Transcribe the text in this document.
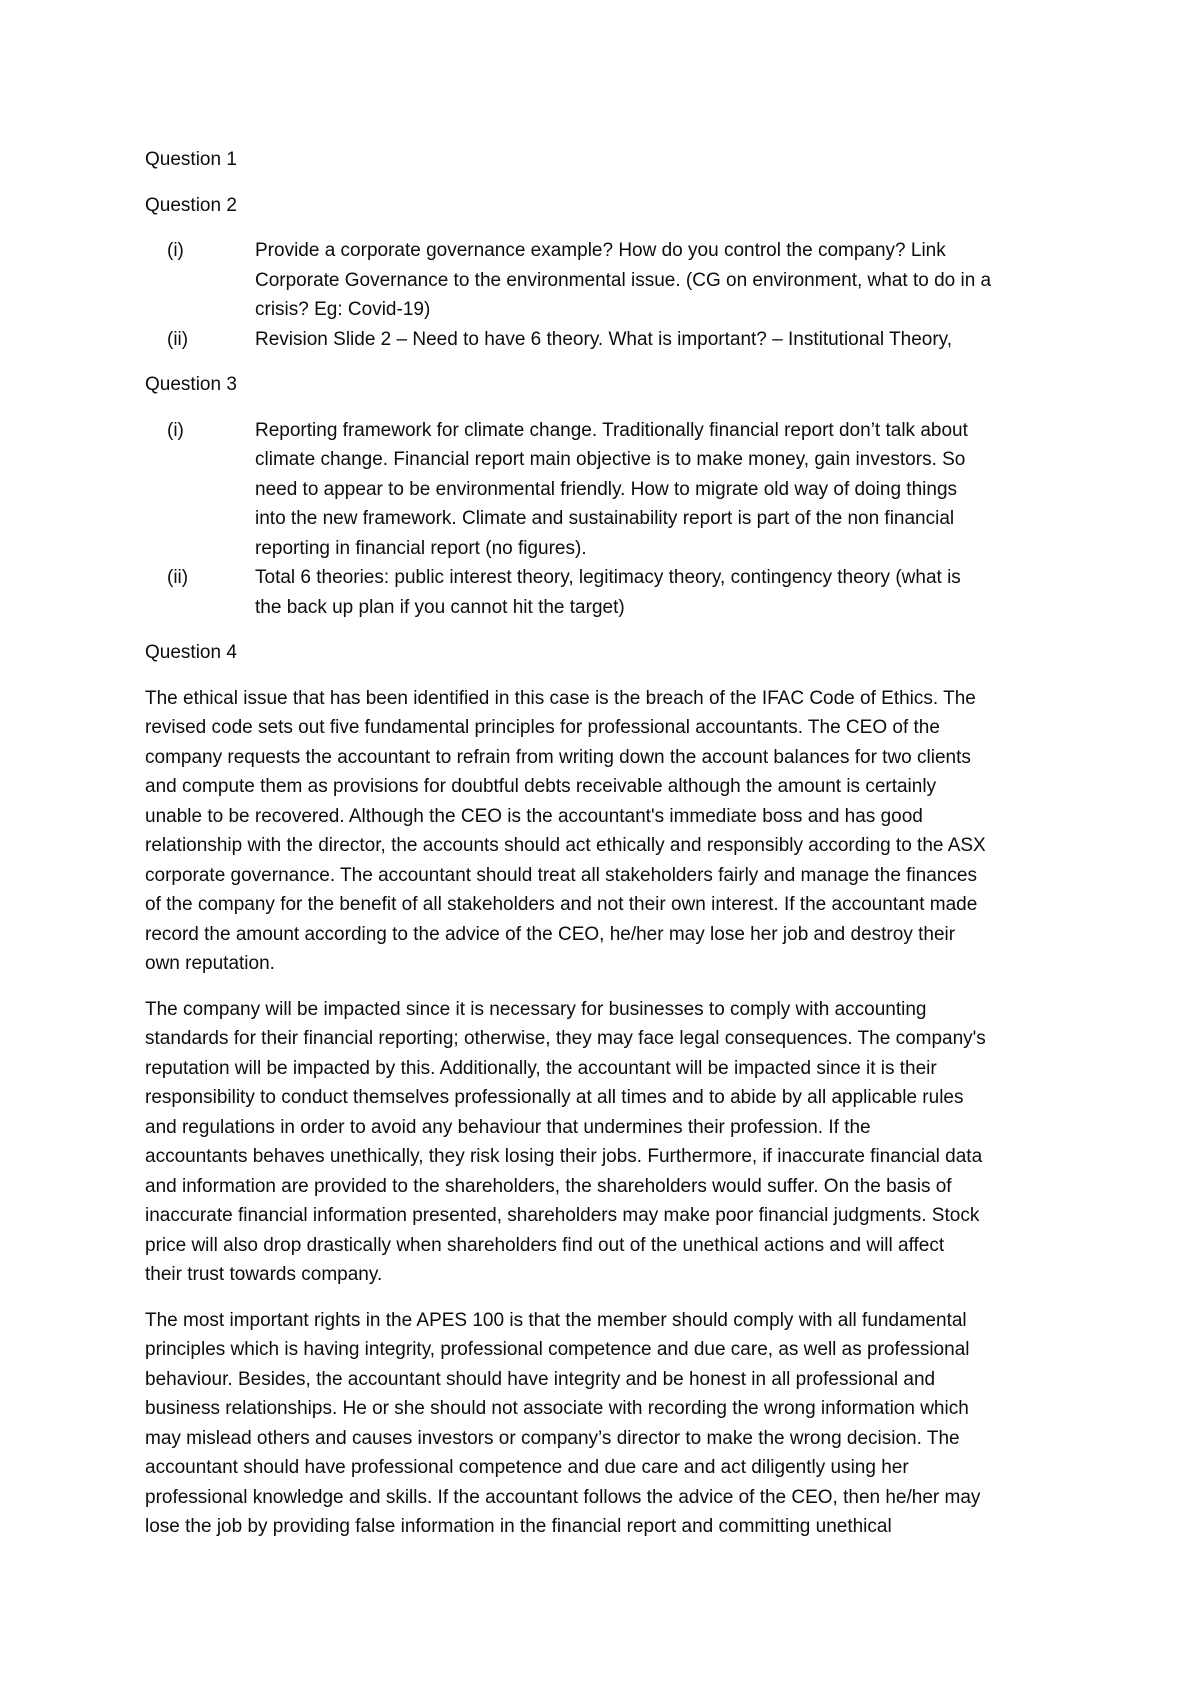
Question 1
Question 2
(i)	Provide a corporate governance example? How do you control the company? Link
Corporate Governance to the environmental issue. (CG on environment, what to do in a
crisis? Eg: Covid-19)
(ii)	Revision Slide 2 – Need to have 6 theory. What is important? – Institutional Theory,
Question 3
(i)	Reporting framework for climate change. Traditionally financial report don’t talk about
climate change. Financial report main objective is to make money, gain investors. So
need to appear to be environmental friendly. How to migrate old way of doing things
into the new framework. Climate and sustainability report is part of the non financial
reporting in financial report (no figures).
(ii)	Total 6 theories: public interest theory, legitimacy theory, contingency theory (what is
the back up plan if you cannot hit the target)
Question 4
The ethical issue that has been identified in this case is the breach of the IFAC Code of Ethics. The
revised code sets out five fundamental principles for professional accountants. The CEO of the
company requests the accountant to refrain from writing down the account balances for two clients
and compute them as provisions for doubtful debts receivable although the amount is certainly
unable to be recovered. Although the CEO is the accountant's immediate boss and has good
relationship with the director, the accounts should act ethically and responsibly according to the ASX
corporate governance. The accountant should treat all stakeholders fairly and manage the finances
of the company for the benefit of all stakeholders and not their own interest. If the accountant made
record the amount according to the advice of the CEO, he/her may lose her job and destroy their
own reputation.
The company will be impacted since it is necessary for businesses to comply with accounting
standards for their financial reporting; otherwise, they may face legal consequences. The company's
reputation will be impacted by this. Additionally, the accountant will be impacted since it is their
responsibility to conduct themselves professionally at all times and to abide by all applicable rules
and regulations in order to avoid any behaviour that undermines their profession. If the
accountants behaves unethically, they risk losing their jobs. Furthermore, if inaccurate financial data
and information are provided to the shareholders, the shareholders would suffer. On the basis of
inaccurate financial information presented, shareholders may make poor financial judgments. Stock
price will also drop drastically when shareholders find out of the unethical actions and will affect
their trust towards company.
The most important rights in the APES 100 is that the member should comply with all fundamental
principles which is having integrity, professional competence and due care, as well as professional
behaviour. Besides, the accountant should have integrity and be honest in all professional and
business relationships. He or she should not associate with recording the wrong information which
may mislead others and causes investors or company’s director to make the wrong decision. The
accountant should have professional competence and due care and act diligently using her
professional knowledge and skills. If the accountant follows the advice of the CEO, then he/her may
lose the job by providing false information in the financial report and committing unethical
